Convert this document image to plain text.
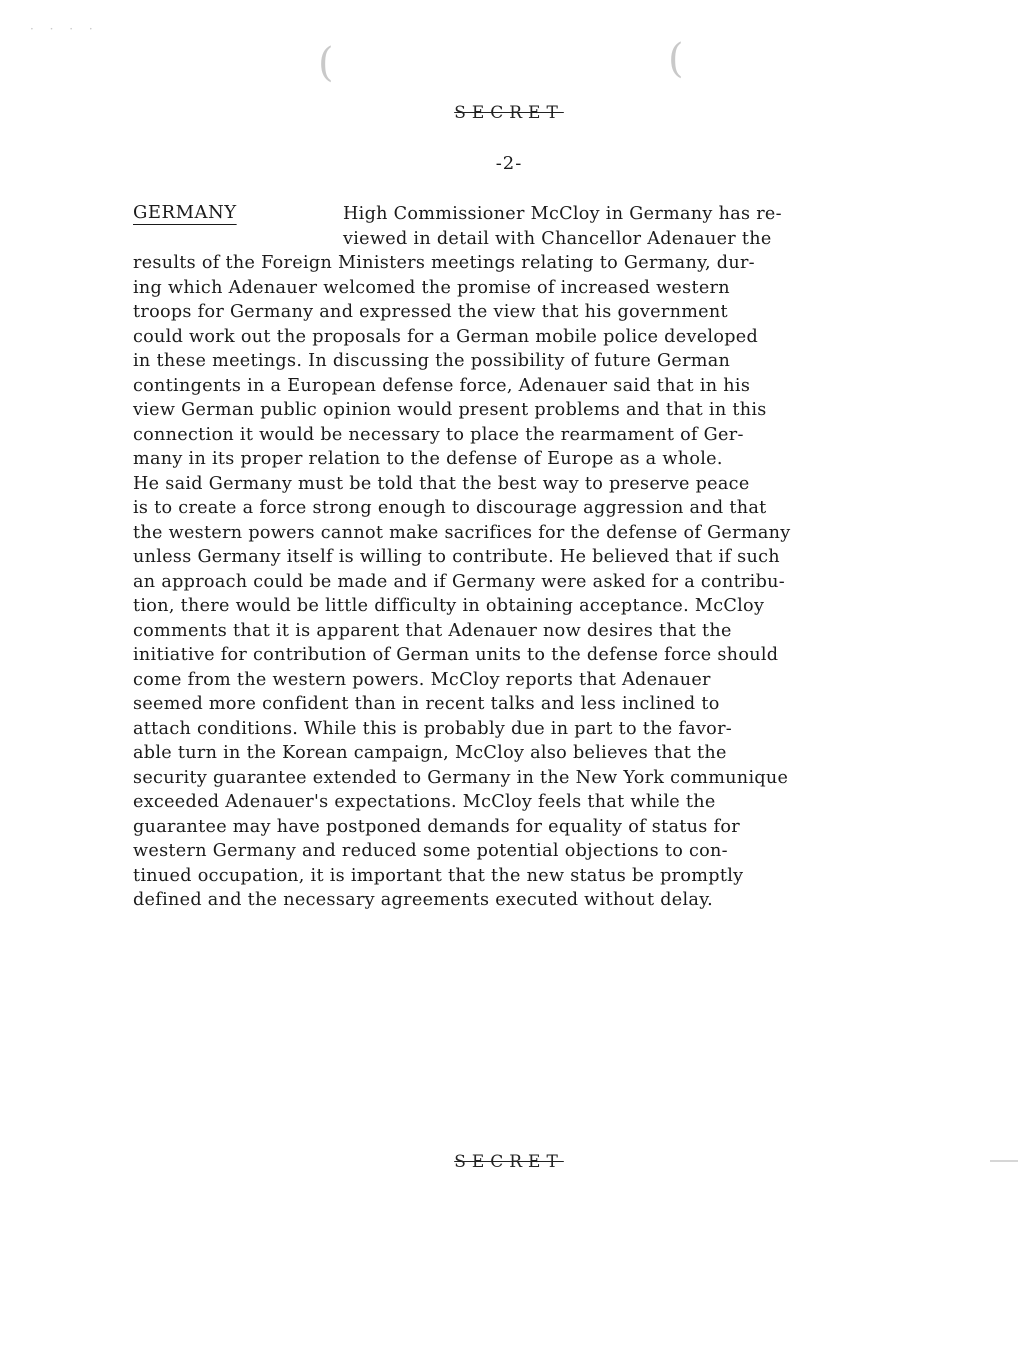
· · · ·
(	(
SECRET
-2-
GERMANY	High Commissioner McCloy in Germany has re-
viewed in detail with Chancellor Adenauer the
results of the Foreign Ministers meetings relating to Germany, dur-
ing which Adenauer welcomed the promise of increased western
troops for Germany and expressed the view that his government
could work out the proposals for a German mobile police developed
in these meetings. In discussing the possibility of future German
contingents in a European defense force, Adenauer said that in his
view German public opinion would present problems and that in this
connection it would be necessary to place the rearmament of Ger-
many in its proper relation to the defense of Europe as a whole.
He said Germany must be told that the best way to preserve peace
is to create a force strong enough to discourage aggression and that
the western powers cannot make sacrifices for the defense of Germany
unless Germany itself is willing to contribute. He believed that if such
an approach could be made and if Germany were asked for a contribu-
tion, there would be little difficulty in obtaining acceptance. McCloy
comments that it is apparent that Adenauer now desires that the
initiative for contribution of German units to the defense force should
come from the western powers. McCloy reports that Adenauer
seemed more confident than in recent talks and less inclined to
attach conditions. While this is probably due in part to the favor-
able turn in the Korean campaign, McCloy also believes that the
security guarantee extended to Germany in the New York communique
exceeded Adenauer's expectations. McCloy feels that while the
guarantee may have postponed demands for equality of status for
western Germany and reduced some potential objections to con-
tinued occupation, it is important that the new status be promptly
defined and the necessary agreements executed without delay.
SECRET
